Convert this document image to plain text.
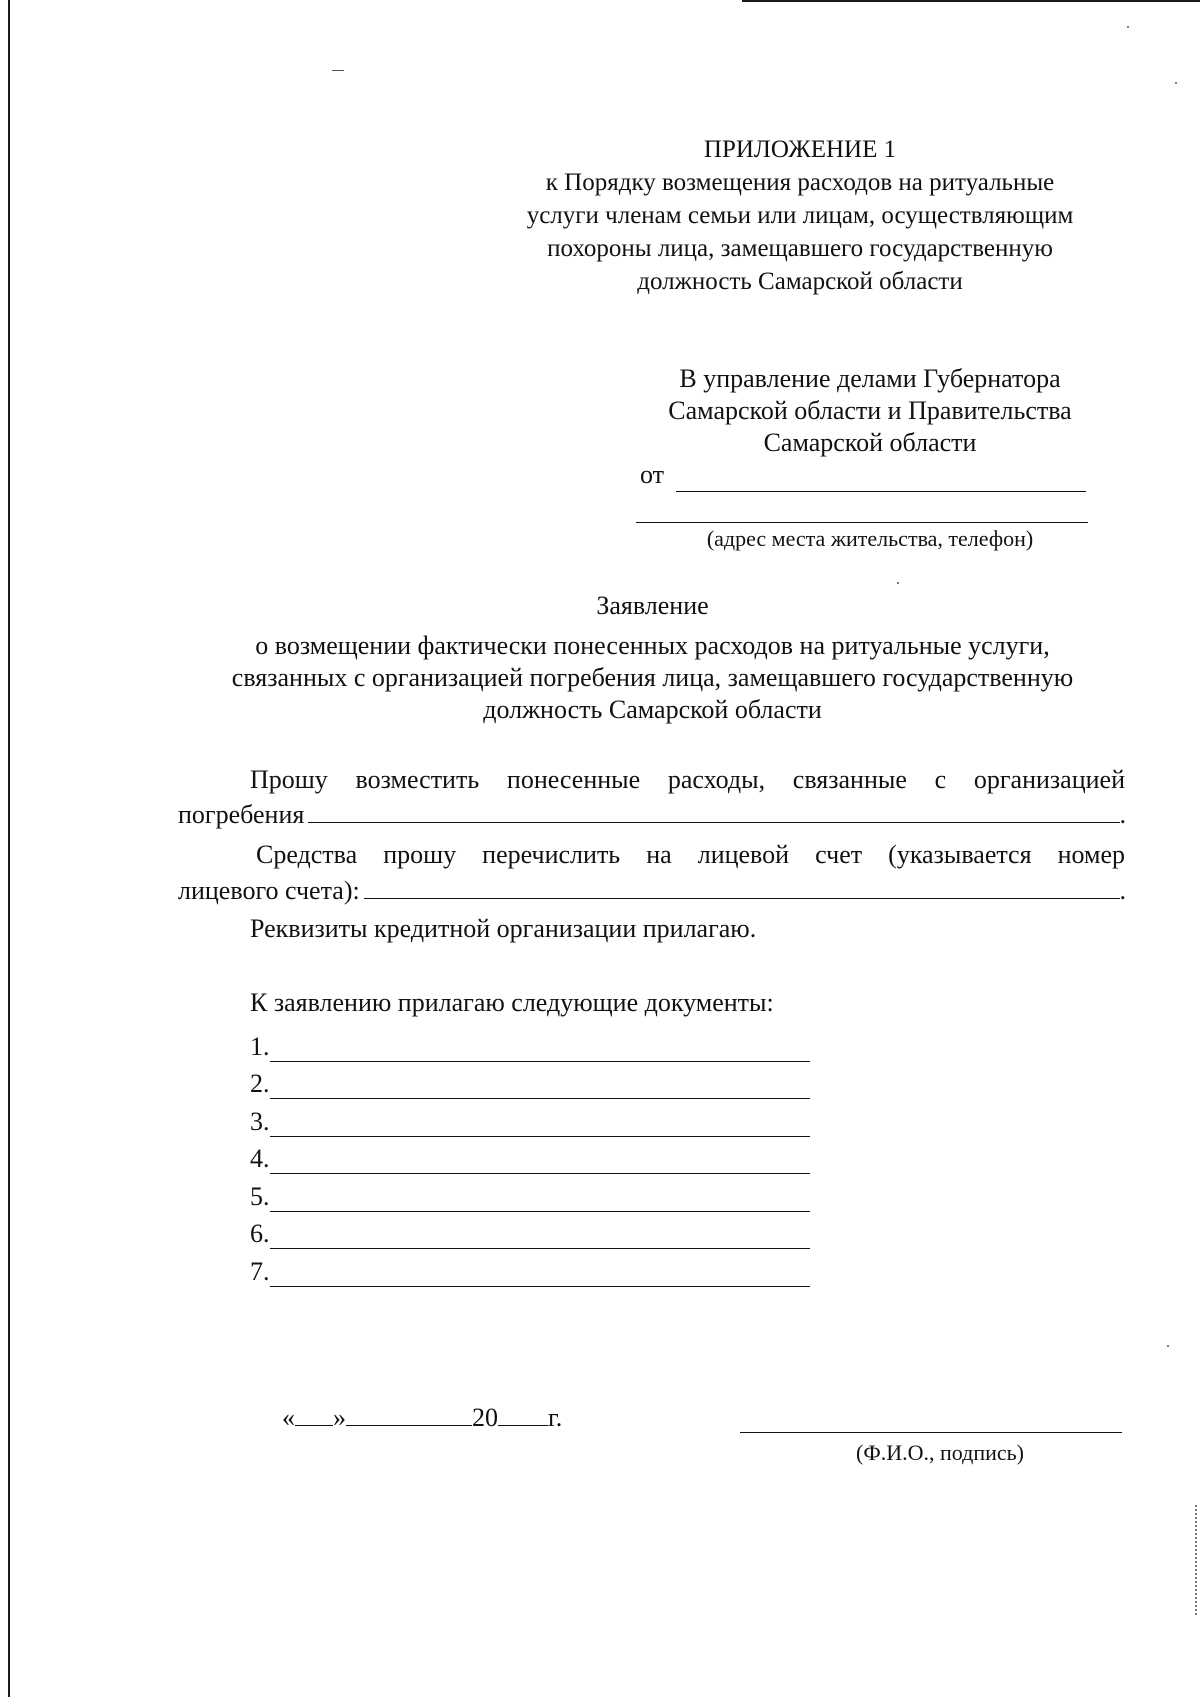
ПРИЛОЖЕНИЕ 1
к Порядку возмещения расходов на ритуальные
услуги членам семьи или лицам, осуществляющим
похороны лица, замещавшего государственную
должность Самарской области
В управление делами Губернатора
Самарской области и Правительства
Самарской области
от
(адрес места жительства, телефон)
Заявление
о возмещении фактически понесенных расходов на ритуальные услуги,
связанных с организацией погребения лица, замещавшего государственную
должность Самарской области
Прошу возместить понесенные расходы, связанные с организацией
погребения	.
Средства прошу перечислить на лицевой счет (указывается номер
лицевого счета):	.
Реквизиты кредитной организации прилагаю.
К заявлению прилагаю следующие документы:
1.
2.
3.
4.
5.
6.
7.
« »	20 г.
(Ф.И.О., подпись)
